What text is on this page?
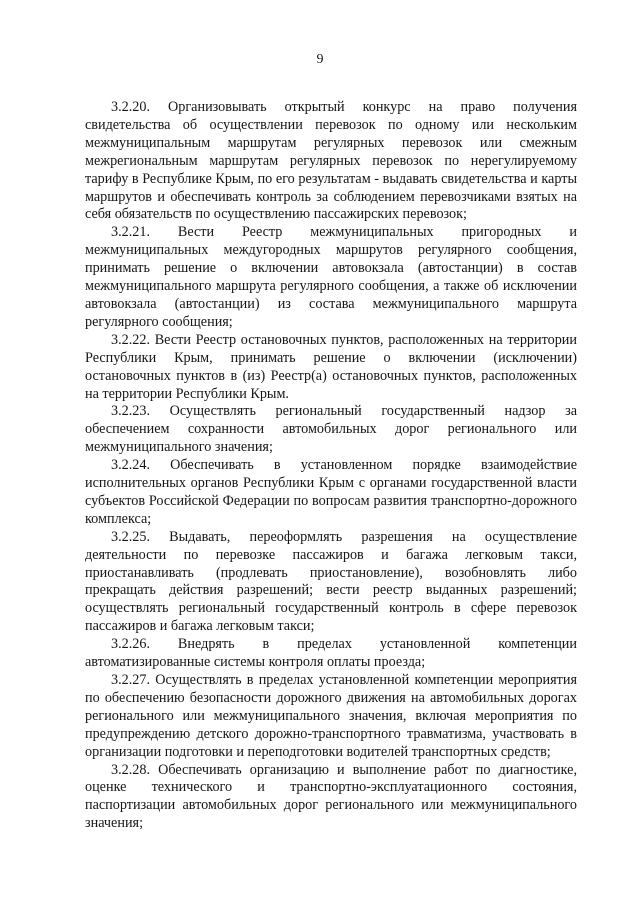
9

3.2.20. Организовывать открытый конкурс на право получения свидетельства об осуществлении перевозок по одному или нескольким межмуниципальным маршрутам регулярных перевозок или смежным межрегиональным маршрутам регулярных перевозок по нерегулируемому тарифу в Республике Крым, по его результатам - выдавать свидетельства и карты маршрутов и обеспечивать контроль за соблюдением перевозчиками взятых на себя обязательств по осуществлению пассажирских перевозок;

3.2.21. Вести Реестр межмуниципальных пригородных и межмуниципальных междугородных маршрутов регулярного сообщения, принимать решение о включении автовокзала (автостанции) в состав межмуниципального маршрута регулярного сообщения, а также об исключении автовокзала (автостанции) из состава межмуниципального маршрута регулярного сообщения;

3.2.22. Вести Реестр остановочных пунктов, расположенных на территории Республики Крым, принимать решение о включении (исключении) остановочных пунктов в (из) Реестр(а) остановочных пунктов, расположенных на территории Республики Крым.

3.2.23. Осуществлять региональный государственный надзор за обеспечением сохранности автомобильных дорог регионального или межмуниципального значения;

3.2.24. Обеспечивать в установленном порядке взаимодействие исполнительных органов Республики Крым с органами государственной власти субъектов Российской Федерации по вопросам развития транспортно-дорожного комплекса;

3.2.25. Выдавать, переоформлять разрешения на осуществление деятельности по перевозке пассажиров и багажа легковым такси, приостанавливать (продлевать приостановление), возобновлять либо прекращать действия разрешений; вести реестр выданных разрешений; осуществлять региональный государственный контроль в сфере перевозок пассажиров и багажа легковым такси;

3.2.26. Внедрять в пределах установленной компетенции автоматизированные системы контроля оплаты проезда;

3.2.27. Осуществлять в пределах установленной компетенции мероприятия по обеспечению безопасности дорожного движения на автомобильных дорогах регионального или межмуниципального значения, включая мероприятия по предупреждению детского дорожно-транспортного травматизма, участвовать в организации подготовки и переподготовки водителей транспортных средств;

3.2.28. Обеспечивать организацию и выполнение работ по диагностике, оценке технического и транспортно-эксплуатационного состояния, паспортизации автомобильных дорог регионального или межмуниципального значения;
